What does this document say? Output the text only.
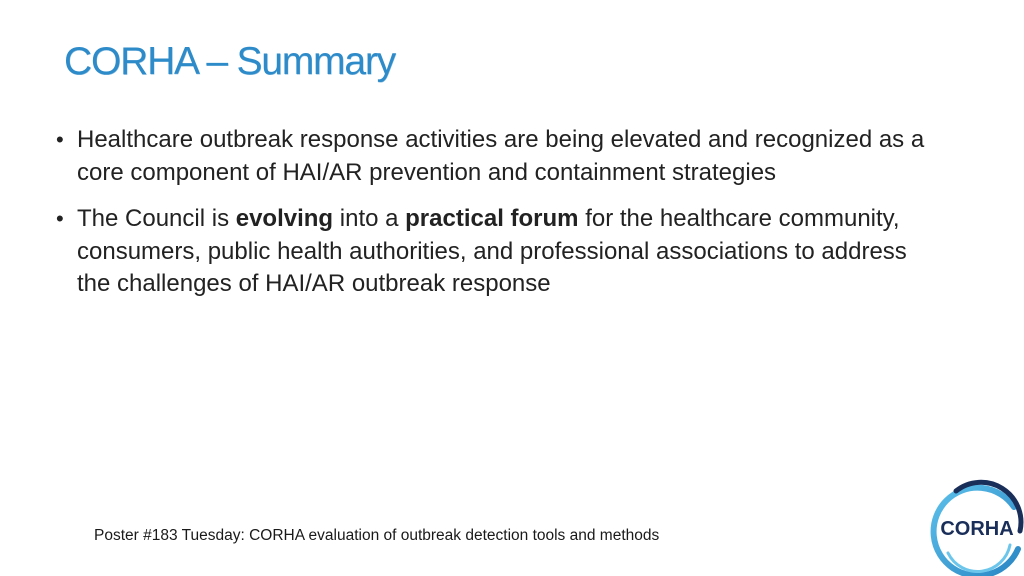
CORHA – Summary
• Healthcare outbreak response activities are being elevated and recognized as a core component of HAI/AR prevention and containment strategies
• The Council is evolving into a practical forum for the healthcare community, consumers, public health authorities, and professional associations to address the challenges of HAI/AR outbreak response
Poster #183 Tuesday: CORHA evaluation of outbreak detection tools and methods	CORHA
